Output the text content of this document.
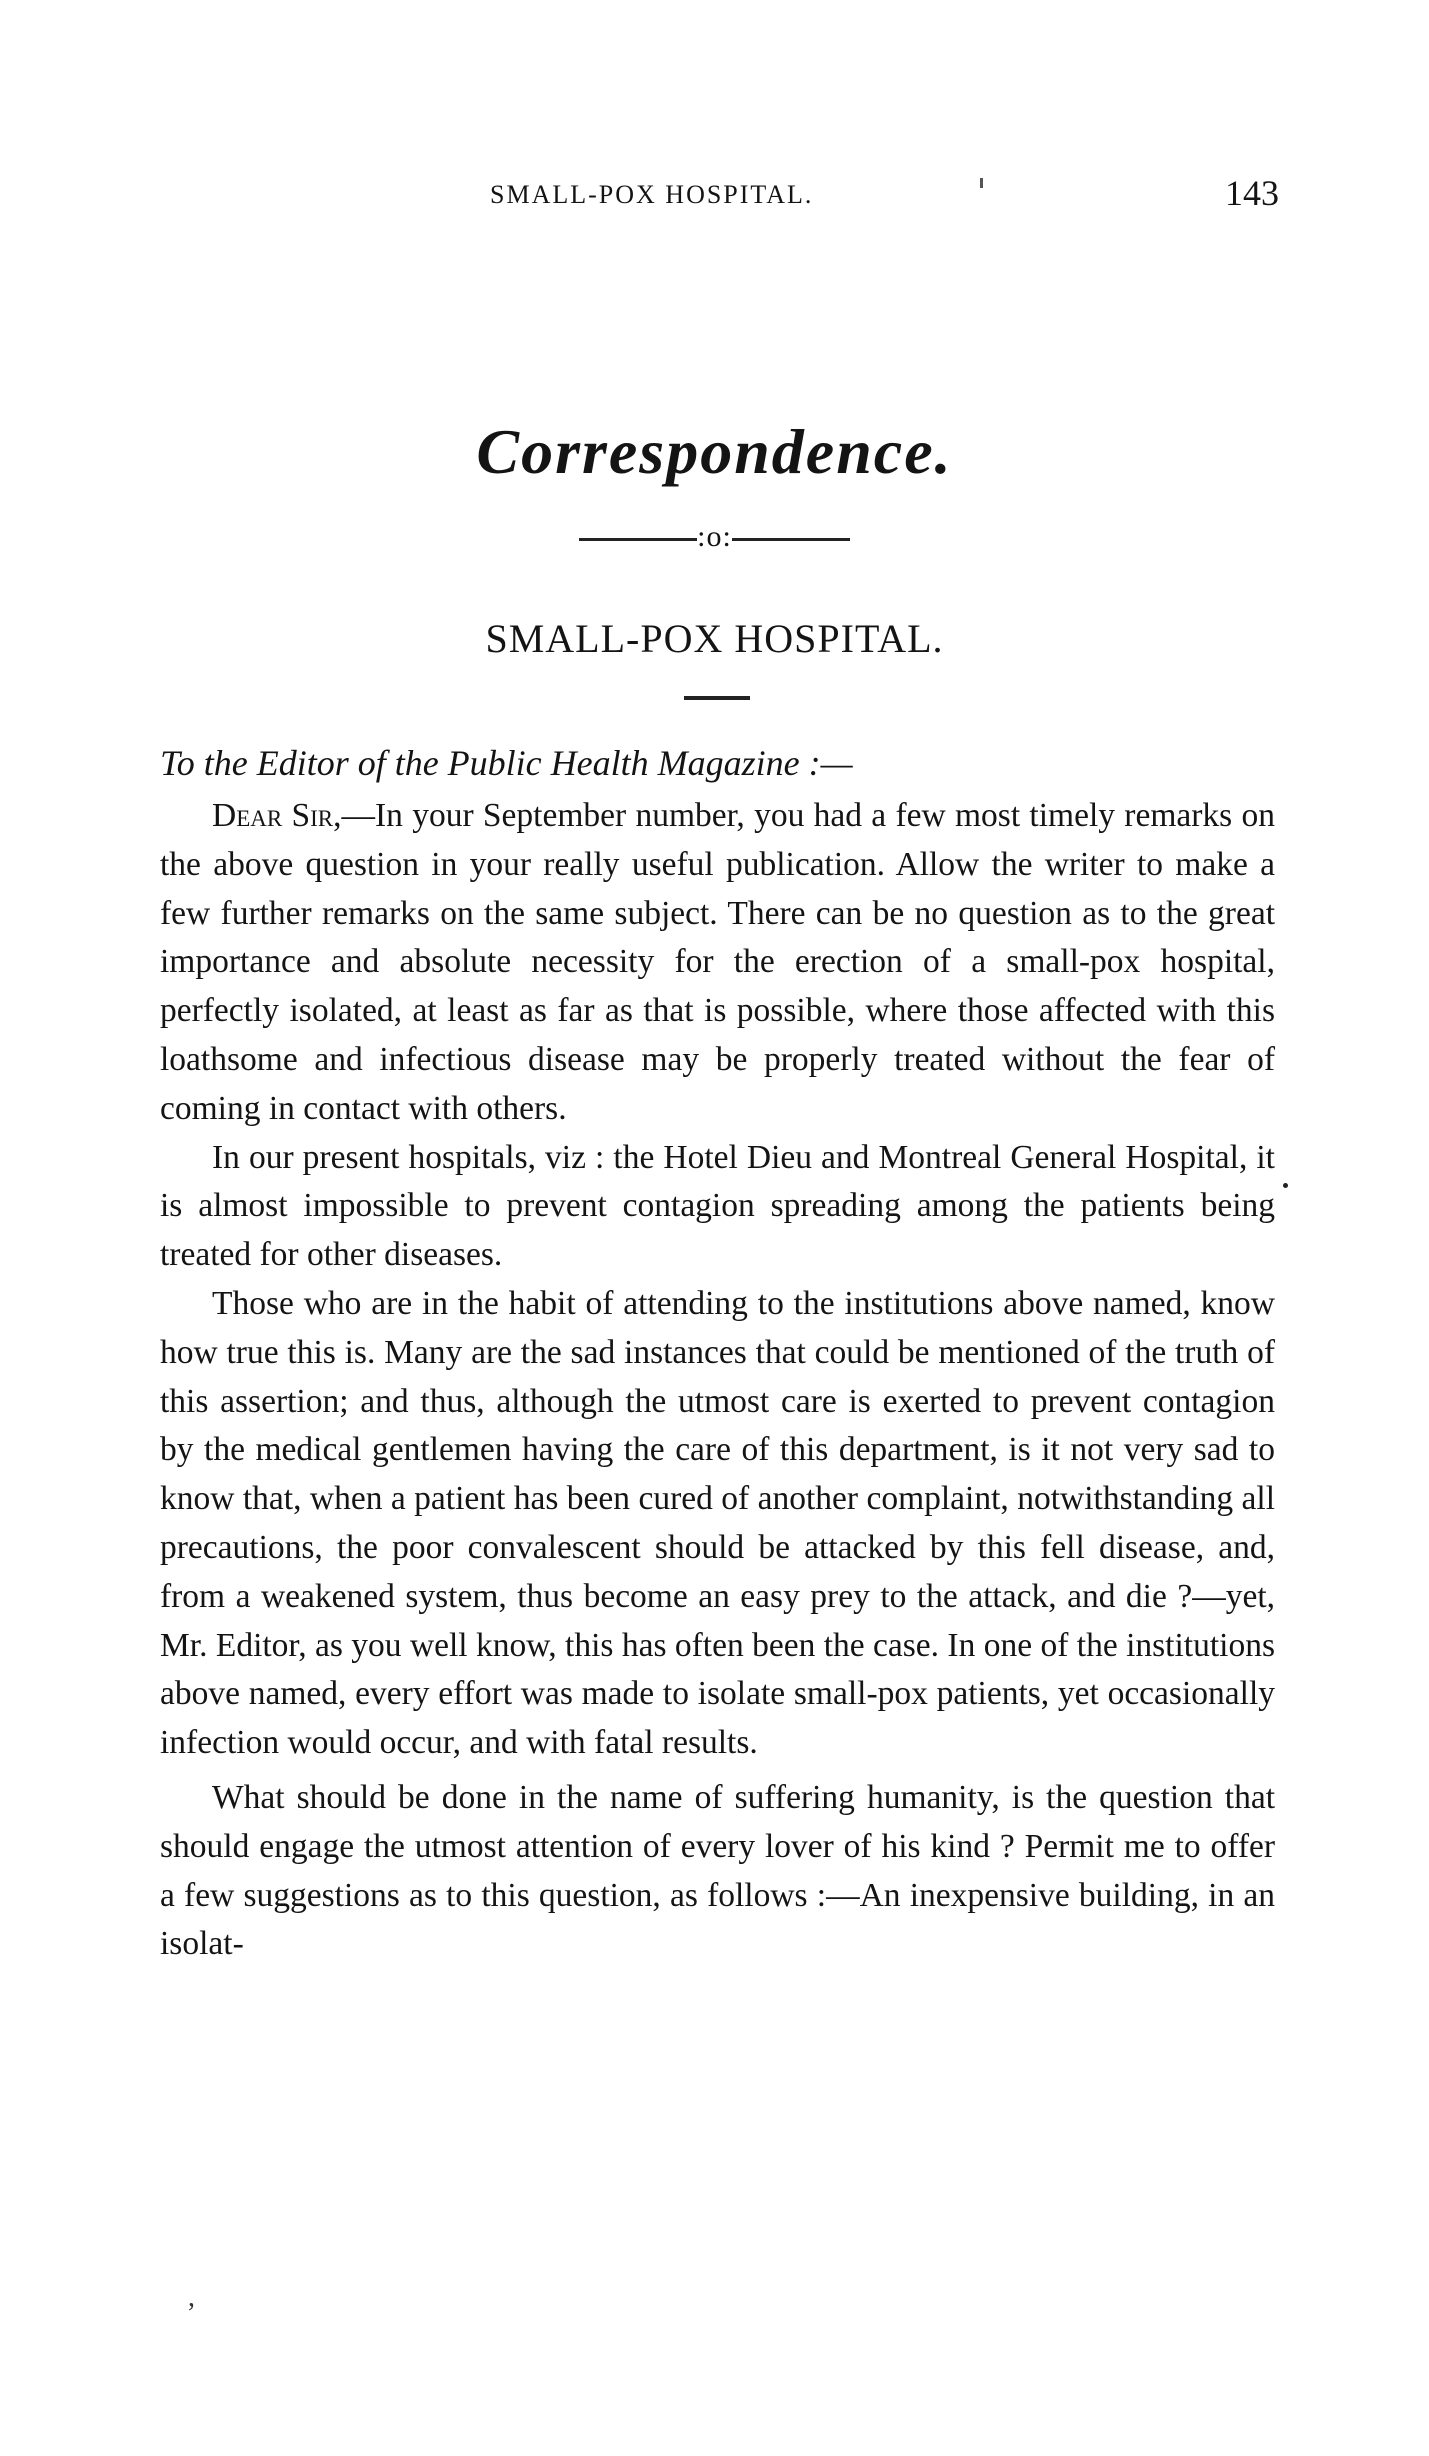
SMALL-POX HOSPITAL.	143
Correspondence.
:o:
SMALL-POX HOSPITAL.
To the Editor of the Public Health Magazine :—

Dear Sir,—In your September number, you had a few most timely remarks on the above question in your really useful publication. Allow the writer to make a few further remarks on the same subject. There can be no question as to the great importance and absolute necessity for the erection of a small-pox hospital, perfectly isolated, at least as far as that is possible, where those affected with this loathsome and infectious disease may be properly treated without the fear of coming in contact with others.

In our present hospitals, viz : the Hotel Dieu and Montreal General Hospital, it is almost impossible to prevent contagion spreading among the patients being treated for other diseases.

Those who are in the habit of attending to the institutions above named, know how true this is. Many are the sad instances that could be mentioned of the truth of this assertion; and thus, although the utmost care is exerted to prevent contagion by the medical gentlemen having the care of this department, is it not very sad to know that, when a patient has been cured of another complaint, notwithstanding all precautions, the poor convalescent should be attacked by this fell disease, and, from a weakened system, thus become an easy prey to the attack, and die ?—yet, Mr. Editor, as you well know, this has often been the case. In one of the institutions above named, every effort was made to isolate small-pox patients, yet occasionally infection would occur, and with fatal results.

What should be done in the name of suffering humanity, is the question that should engage the utmost attention of every lover of his kind ? Permit me to offer a few suggestions as to this question, as follows :—An inexpensive building, in an isolat-

,
